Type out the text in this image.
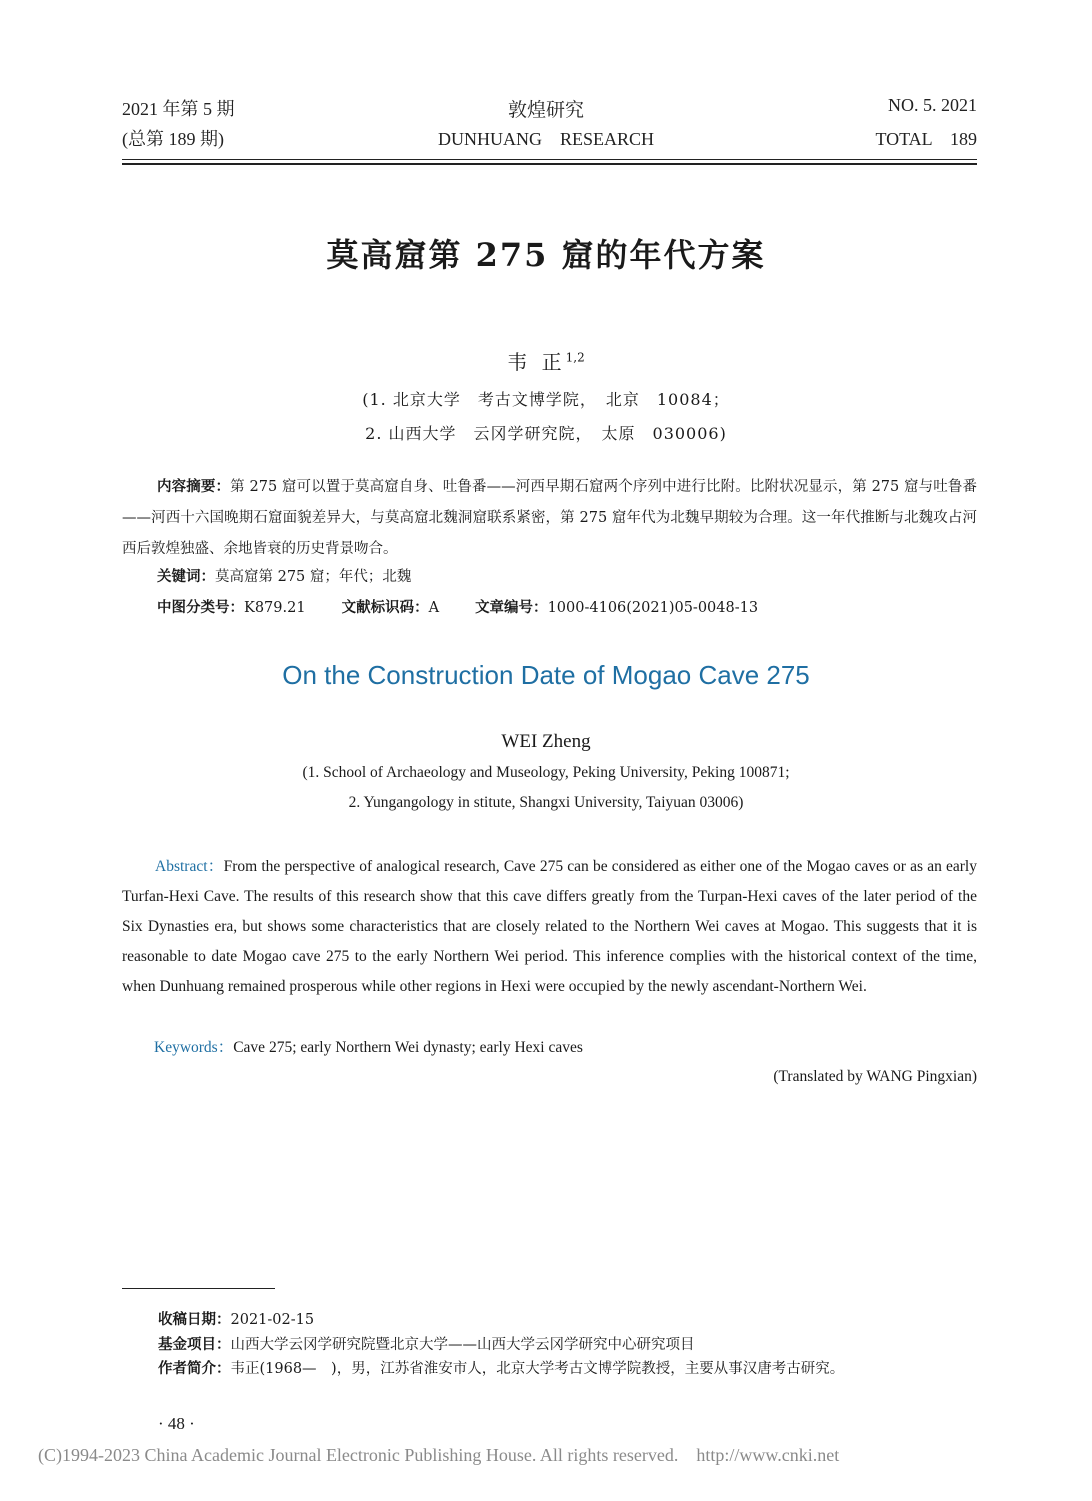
2021 年第 5 期
(总第 189 期)
敦煌研究
DUNHUANG　RESEARCH
NO. 5. 2021
TOTAL　189
莫高窟第 275 窟的年代方案
韦 正$^{1,2}$
(1. 北京大学　考古文博学院，　北京　10084；
2. 山西大学　云冈学研究院，　太原　030006)
内容摘要：第 275 窟可以置于莫高窟自身、吐鲁番——河西早期石窟两个序列中进行比附。比附状况显示，第 275 窟与吐鲁番——河西十六国晚期石窟面貌差异大，与莫高窟北魏洞窟联系紧密，第 275 窟年代为北魏早期较为合理。这一年代推断与北魏攻占河西后敦煌独盛、余地皆衰的历史背景吻合。
关键词：莫高窟第 275 窟；年代；北魏
中图分类号：K879.21 文献标识码：A 文章编号：1000-4106(2021)05-0048-13
On the Construction Date of Mogao Cave 275
WEI Zheng
(1. School of Archaeology and Museology, Peking University, Peking 100871;
2. Yungangology in stitute, Shangxi University, Taiyuan 03006)
Abstract：From the perspective of analogical research, Cave 275 can be considered as either one of the Mogao caves or as an early Turfan-Hexi Cave. The results of this research show that this cave differs greatly from the Turpan-Hexi caves of the later period of the Six Dynasties era, but shows some characteristics that are closely related to the Northern Wei caves at Mogao. This suggests that it is reasonable to date Mogao cave 275 to the early Northern Wei period. This inference complies with the historical context of the time, when Dunhuang remained prosperous while other regions in Hexi were occupied by the newly ascendant-Northern Wei.
Keywords：Cave 275; early Northern Wei dynasty; early Hexi caves
(Translated by WANG Pingxian)
收稿日期：2021-02-15
基金项目：山西大学云冈学研究院暨北京大学——山西大学云冈学研究中心研究项目
作者简介：韦正(1968—　)，男，江苏省淮安市人，北京大学考古文博学院教授，主要从事汉唐考古研究。
· 48 ·
(C)1994-2023 China Academic Journal Electronic Publishing House. All rights reserved.    http://www.cnki.net
